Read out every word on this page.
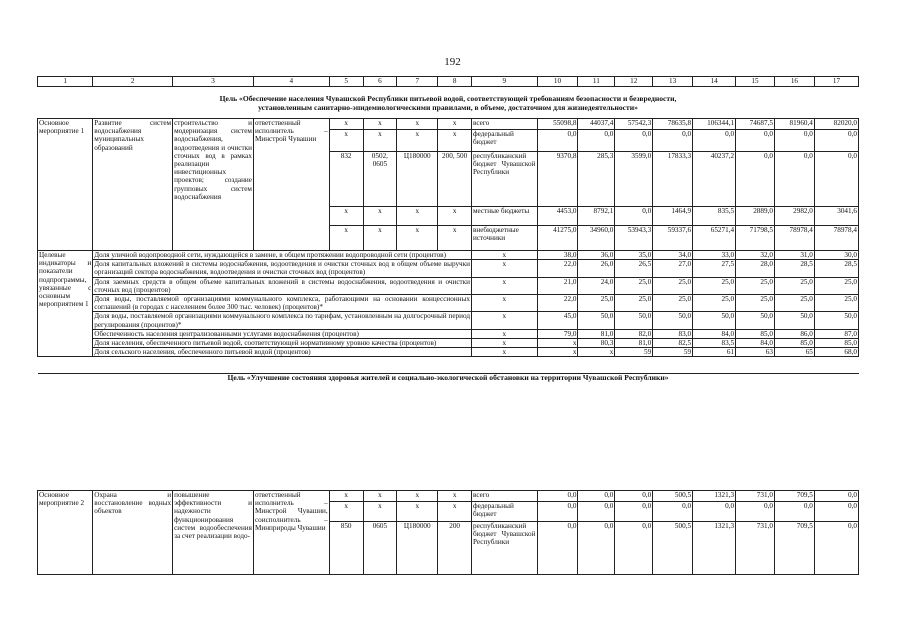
192
1	2	3	4	5	6	7	8	9	10	11	12	13	14	15	16	17

Цель «Обеспечение населения Чувашской Республики питьевой водой, соответствующей требованиям безопасности и безвредности,
установленным санитарно-эпидемиологическими правилами, в объеме, достаточном для жизнедеятельности»																

Основное мероприятие 1	Развитие систем водоснабжения муниципальных образований	строительство и модернизация систем водоснабжения, водоотведения и очистки сточных вод в рамках реализации инвестиционных проектов; создание групповых систем водоснабжения	ответственный исполнитель – Минстрой Чувашии	x	x	x	x	всего	55098,8	44037,4	57542,3	78635,8	106344,1	74687,5	81960,4	82020,0
				x	x	x	x	федеральный бюджет	0,0	0,0	0,0	0,0	0,0	0,0	0,0	0,0
				832	0502, 0605	Ц180000	200, 500	республиканский бюджет Чувашской Республики	9370,8	285,3	3599,0	17833,3	40237,2	0,0	0,0	0,0
				x	x	x	x	местные бюджеты	4453,0	8792,1	0,0	1464,9	835,5	2889,0	2982,0	3041,6
				x	x	x	x	внебюджетные источники	41275,0	34960,0	53943,3	59337,6	65271,4	71798,5	78978,4	78978,4
Целевые индикаторы и показатели подпрограммы, увязанные с основным мероприятием 1	Доля уличной водопроводной сети, нуждающейся в замене, в общем протяжении водопроводной сети (процентов)							x	38,0	36,0	35,0	34,0	33,0	32,0	31,0	30,0
	Доля капитальных вложений в системы водоснабжения, водоотведения и очистки сточных вод в общем объеме выручки организаций сектора водоснабжения, водоотведения и очистки сточных вод (процентов)							x	22,0	26,0	26,5	27,0	27,5	28,0	28,5	28,5
	Доля заемных средств в общем объеме капитальных вложений в системы водоснабжения, водоотведения и очистки сточных вод (процентов)							x	21,0	24,0	25,0	25,0	25,0	25,0	25,0	25,0
	Доля воды, поставляемой организациями коммунального комплекса, работающими на основании концессионных соглашений (в городах с населением более 300 тыс. человек) (процентов)*							x	22,0	25,0	25,0	25,0	25,0	25,0	25,0	25,0
	Доля воды, поставляемой организациями коммунального комплекса по тарифам, установленным на долгосрочный период регулирования (процентов)*							x	45,0	50,0	50,0	50,0	50,0	50,0	50,0	50,0
	Обеспеченность населения централизованными услугами водоснабжения (процентов)							x	79,0	81,0	82,0	83,0	84,0	85,0	86,0	87,0
	Доля населения, обеспеченного питьевой водой, соответствующей нормативному уровню качества (процентов)							x	x	80,3	81,0	82,5	83,5	84,0	85,0	85,0
	Доля сельского населения, обеспеченного питьевой водой (процентов)							x	x	x	59	59	61	63	65	68,0

Цель «Улучшение состояния здоровья жителей и социально-экологической обстановки на территории Чувашской Республики»																
Основное мероприятие 2	Охрана и восстановление водных объектов	повышение эффективности и надежности функционирования систем водообеспечения за счет реализации водо-	ответственный исполнитель – Минстрой Чувашии, соисполнитель – Минприроды Чувашии	x	x	x	x	всего	0,0	0,0	0,0	500,5	1321,3	731,0	709,5	0,0
				x	x	x	x	федеральный бюджет	0,0	0,0	0,0	0,0	0,0	0,0	0,0	0,0
				850	0605	Ц180000	200	республиканский бюджет Чувашской Республики	0,0	0,0	0,0	500,5	1321,3	731,0	709,5	0,0
